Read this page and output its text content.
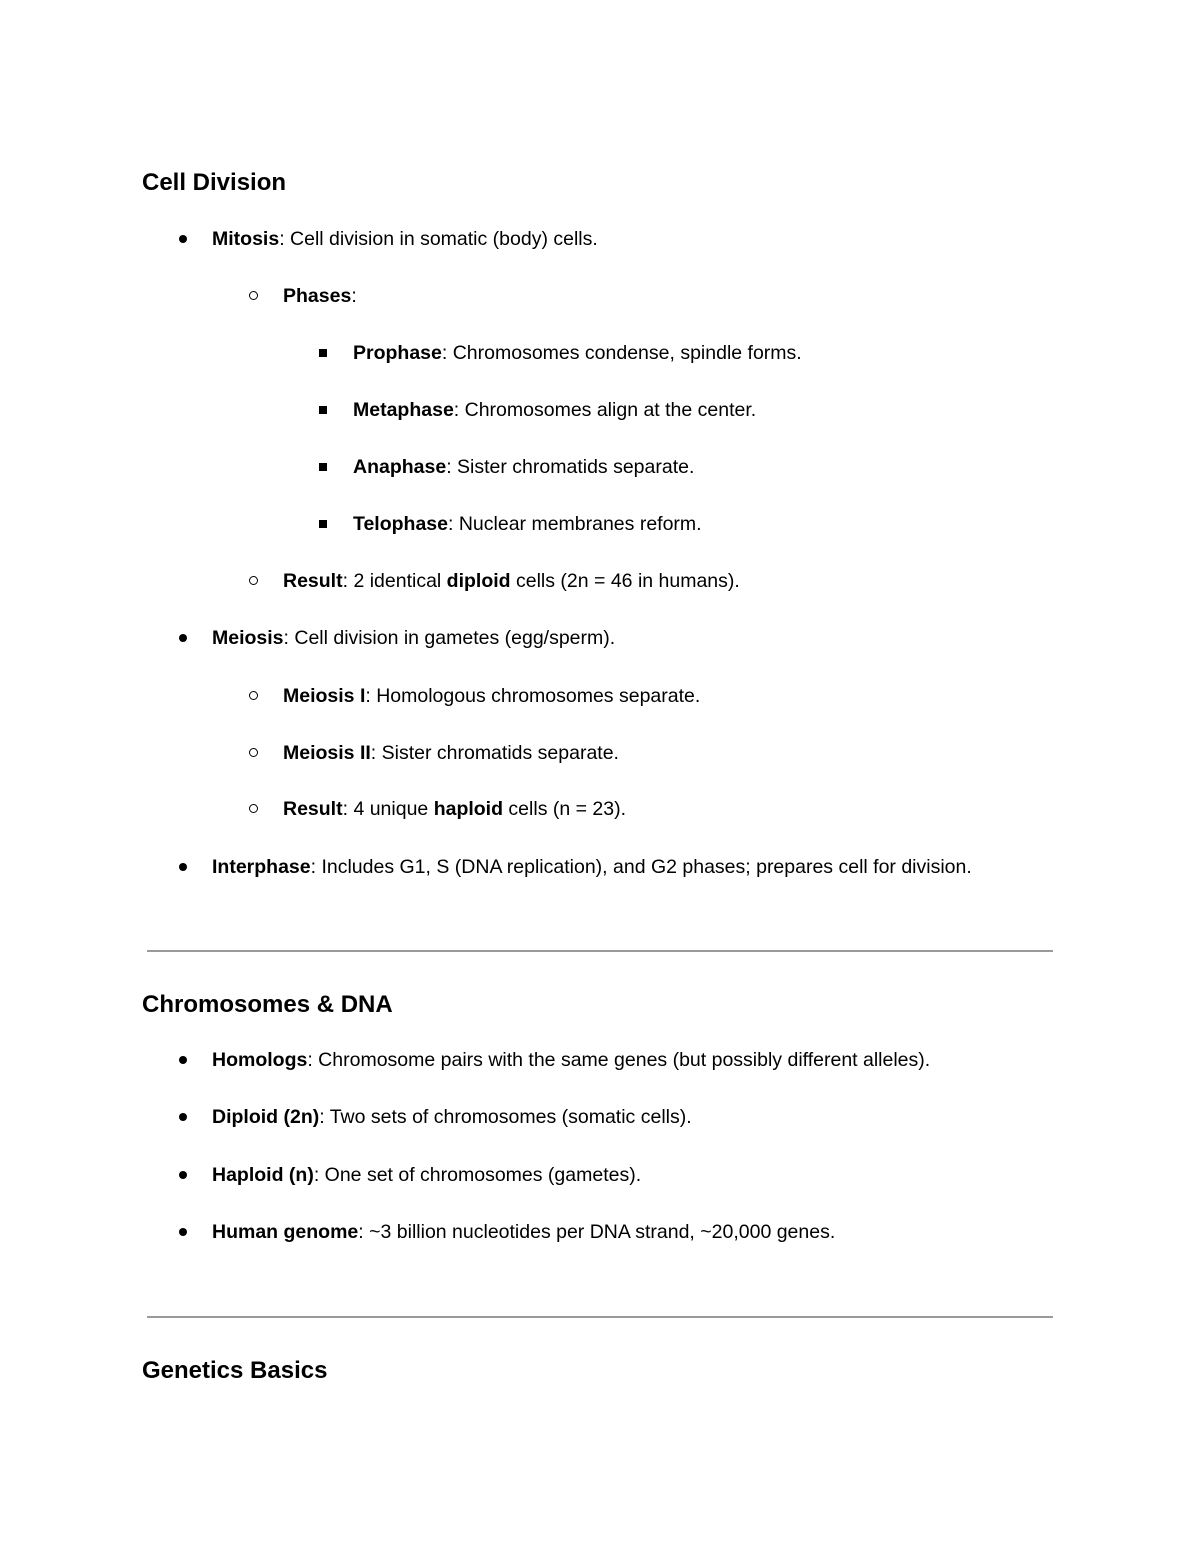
Cell Division
Mitosis: Cell division in somatic (body) cells.
Phases:
Prophase: Chromosomes condense, spindle forms.
Metaphase: Chromosomes align at the center.
Anaphase: Sister chromatids separate.
Telophase: Nuclear membranes reform.
Result: 2 identical diploid cells (2n = 46 in humans).
Meiosis: Cell division in gametes (egg/sperm).
Meiosis I: Homologous chromosomes separate.
Meiosis II: Sister chromatids separate.
Result: 4 unique haploid cells (n = 23).
Interphase: Includes G1, S (DNA replication), and G2 phases; prepares cell for division.
Chromosomes & DNA
Homologs: Chromosome pairs with the same genes (but possibly different alleles).
Diploid (2n): Two sets of chromosomes (somatic cells).
Haploid (n): One set of chromosomes (gametes).
Human genome: ~3 billion nucleotides per DNA strand, ~20,000 genes.
Genetics Basics
